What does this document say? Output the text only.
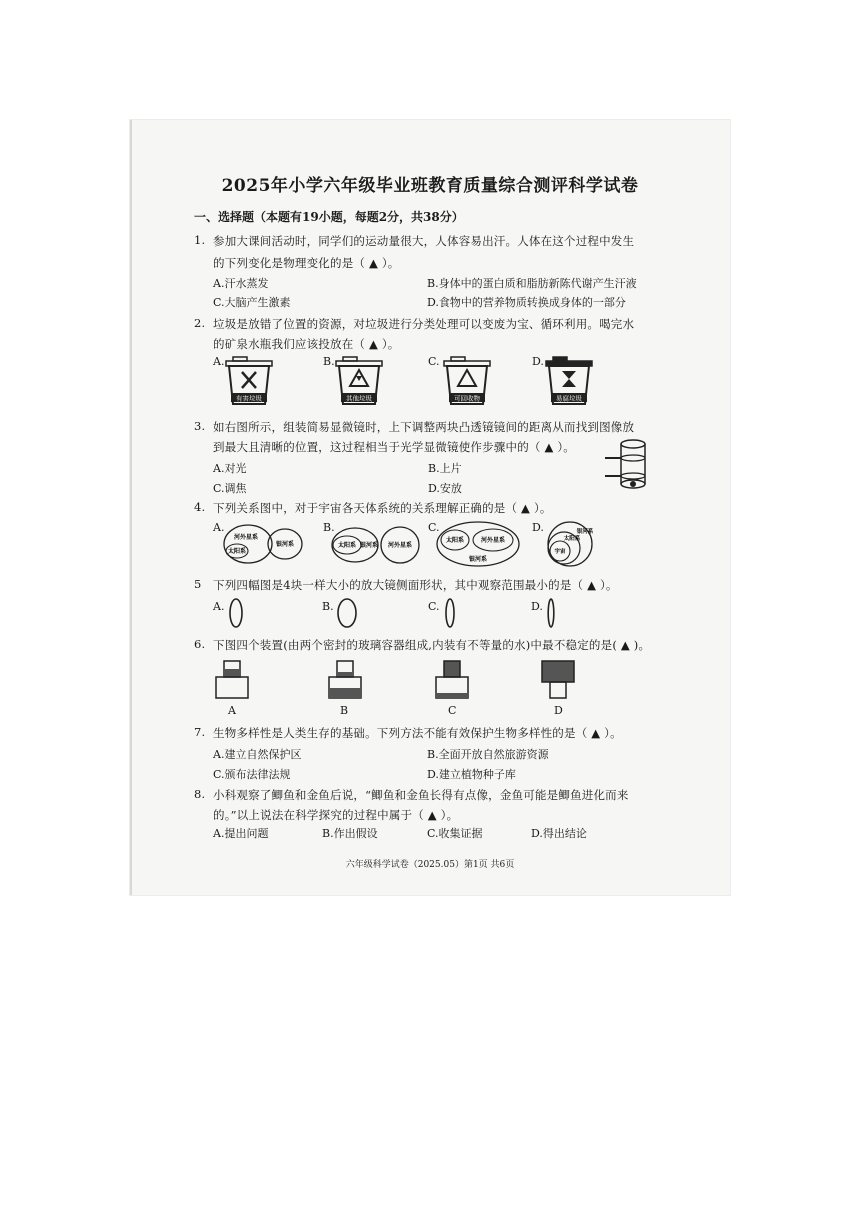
2025年小学六年级毕业班教育质量综合测评科学试卷
一、选择题（本题有19小题，每题2分，共38分）
1. 参加大课间活动时，同学们的运动量很大，人体容易出汗。人体在这个过程中发生
的下列变化是物理变化的是（ ▲ ）。
A.汗水蒸发	B.身体中的蛋白质和脂肪新陈代谢产生汗液
C.大脑产生激素	D.食物中的营养物质转换成身体的一部分
2. 垃圾是放错了位置的资源，对垃圾进行分类处理可以变废为宝、循环利用。喝完水
的矿泉水瓶我们应该投放在（ ▲ ）。
A.	B.	C.	D.
有害垃圾	其他垃圾	可回收物	易腐垃圾
3. 如右图所示，组装简易显微镜时，上下调整两块凸透镜镜间的距离从而找到图像放
到最大且清晰的位置，这过程相当于光学显微镜使作步骤中的（ ▲ ）。
A.对光	B.上片
C.调焦	D.安放
4. 下列关系图中，对于宇宙各天体系统的关系理解正确的是（ ▲ ）。
A.	B.	C.	D.
河外星系
太阳系
银河系	太阳系 银河系 河外星系
太阳系	河外星系
银河系
宇宙
太阳系
银河系
5 下列四幅图是4块一样大小的放大镜侧面形状，其中观察范围最小的是（ ▲ ）。
A.	B.	C.	D.
6. 下图四个装置(由两个密封的玻璃容器组成,内装有不等量的水)中最不稳定的是( ▲ )。
A	B	C	D
7. 生物多样性是人类生存的基础。下列方法不能有效保护生物多样性的是（ ▲ ）。
A.建立自然保护区	B.全面开放自然旅游资源
C.颁布法律法规	D.建立植物种子库
8. 小科观察了鲫鱼和金鱼后说，“鲫鱼和金鱼长得有点像，金鱼可能是鲫鱼进化而来
的。”以上说法在科学探究的过程中属于（ ▲ ）。
A.提出问题	B.作出假设	C.收集证据	D.得出结论
六年级科学试卷（2025.05）第1页 共6页
